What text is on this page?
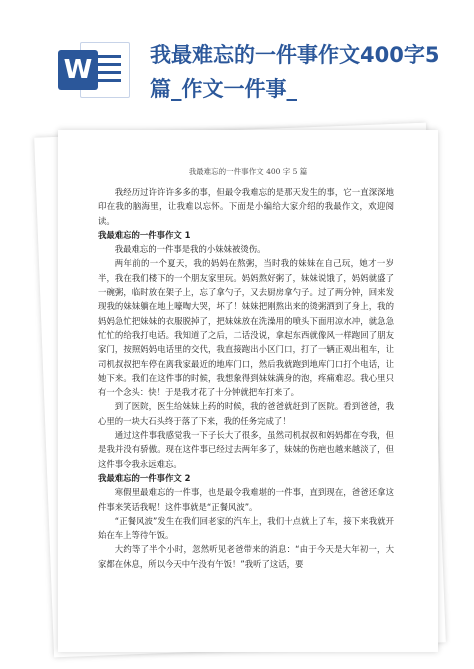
W	我最难忘的一件事作文400字5篇_作文一件事_
我最难忘的一件事作文 400 字 5 篇

我经历过许许许多多的事，但最令我难忘的是那天发生的事，它一直深深地印在我的脑海里，让我难以忘怀。下面是小编给大家介绍的我最作文，欢迎阅读。

我最难忘的一件事作文 1

我最难忘的一件事是我的小妹妹被烫伤。

两年前的一个夏天，我的妈妈在熬粥，当时我的妹妹在自己玩，她才一岁半，我在我们楼下的一个朋友家里玩。妈妈熬好粥了，妹妹说饿了，妈妈就盛了一碗粥，临时放在架子上，忘了拿勺子，又去厨房拿勺子。过了两分钟，回来发现我的妹妹躺在地上嚎啕大哭，坏了！妹妹把刚熬出来的烫粥洒到了身上，我的妈妈急忙把妹妹的衣服脱掉了，把妹妹放在洗澡用的喷头下面用凉水冲，就急急忙忙的给我打电话。我知道了之后，二话没说，拿起东西就像风一样跑回了朋友家门，按照妈妈电话里的交代，我直接跑出小区门口，打了一辆正观出租车，让司机叔叔把车停在离我家最近的地库门口，然后我就跑到地库门口打个电话，让她下来。我们在这件事的时候，我想象得到妹妹满身的泡，疼痛难忍。我心里只有一个念头：快！于是我才花了十分钟就把车打来了。

到了医院，医生给妹妹上药的时候，我的爸爸就赶到了医院。看到爸爸，我心里的一块大石头终于落了下来，我的任务完成了！

通过这件事我感觉我一下子长大了很多，虽然司机叔叔和妈妈都在夸我，但是我并没有骄傲。现在这件事已经过去两年多了，妹妹的伤疤也越来越淡了，但这件事令我永远难忘。

我最难忘的一件事作文 2

寒假里最难忘的一件事，也是最令我难堪的一件事，直到现在，爸爸还拿这件事来笑话我呢！这件事就是“正餐风波”。

“正餐风波”发生在我们回老家的汽车上，我们十点就上了车，接下来我就开始在车上等待午饭。

大约等了半个小时，忽然听见老爸带来的消息：“由于今天是大年初一，大家都在休息，所以今天中午没有午饭！”我听了这话，要
